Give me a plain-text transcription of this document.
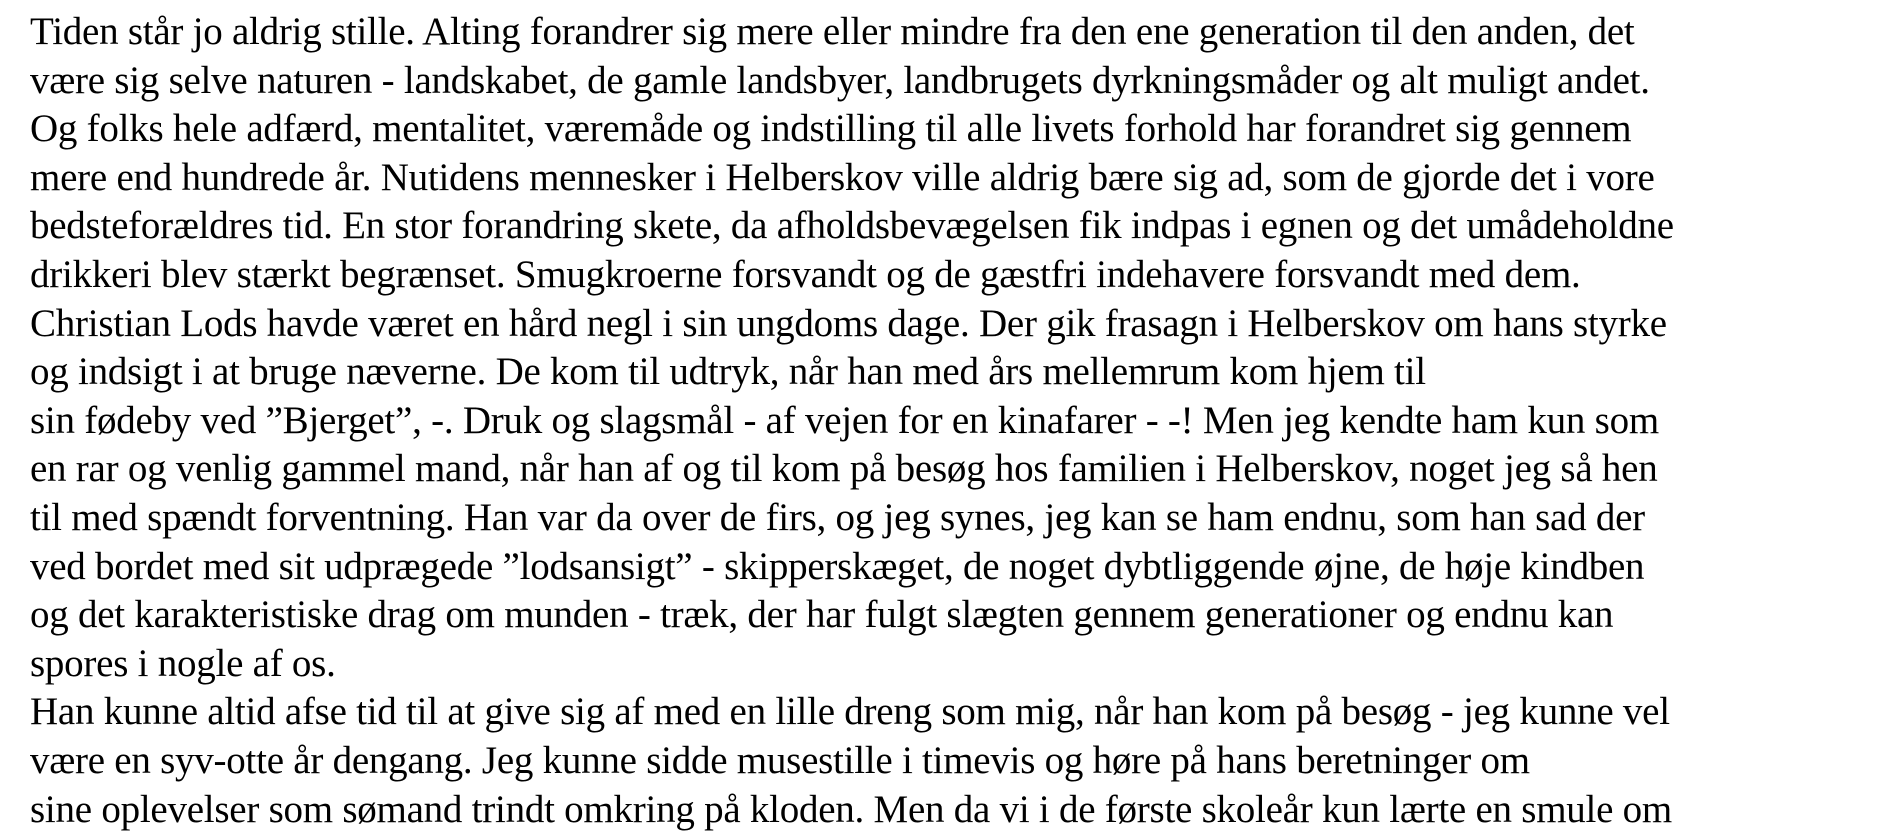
Tiden står jo aldrig stille. Alting forandrer sig mere eller mindre fra den ene generation til den anden, det
være sig selve naturen - landskabet, de gamle landsbyer, landbrugets dyrkningsmåder og alt muligt andet.
Og folks hele adfærd, mentalitet, væremåde og indstilling til alle livets forhold har forandret sig gennem
mere end hundrede år. Nutidens mennesker i Helberskov ville aldrig bære sig ad, som de gjorde det i vore
bedsteforældres tid. En stor forandring skete, da afholdsbevægelsen fik indpas i egnen og det umådeholdne
drikkeri blev stærkt begrænset. Smugkroerne forsvandt og de gæstfri indehavere forsvandt med dem.
Christian Lods havde været en hård negl i sin ungdoms dage. Der gik frasagn i Helberskov om hans styrke
og indsigt i at bruge næverne. De kom til udtryk, når han med års mellemrum kom hjem til
sin fødeby ved ”Bjerget”, -. Druk og slagsmål - af vejen for en kinafarer - -! Men jeg kendte ham kun som
en rar og venlig gammel mand, når han af og til kom på besøg hos familien i Helberskov, noget jeg så hen
til med spændt forventning. Han var da over de firs, og jeg synes, jeg kan se ham endnu, som han sad der
ved bordet med sit udprægede ”lodsansigt” - skipperskæget, de noget dybtliggende øjne, de høje kindben
og det karakteristiske drag om munden - træk, der har fulgt slægten gennem generationer og endnu kan
spores i nogle af os.
Han kunne altid afse tid til at give sig af med en lille dreng som mig, når han kom på besøg - jeg kunne vel
være en syv-otte år dengang. Jeg kunne sidde musestille i timevis og høre på hans beretninger om
sine oplevelser som sømand trindt omkring på kloden. Men da vi i de første skoleår kun lærte en smule om
